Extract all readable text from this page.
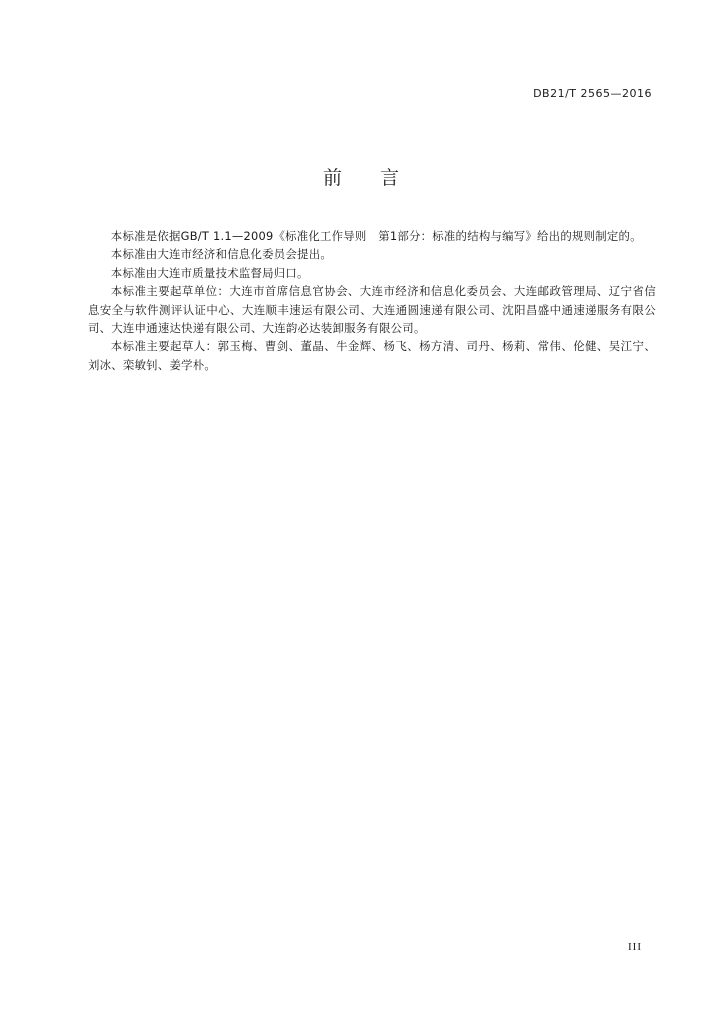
DB21/T 2565—2016
前 言

本标准是依据GB/T 1.1—2009《标准化工作导则　第1部分：标准的结构与编写》给出的规则制定的。

本标准由大连市经济和信息化委员会提出。

本标准由大连市质量技术监督局归口。

本标准主要起草单位：大连市首席信息官协会、大连市经济和信息化委员会、大连邮政管理局、辽宁省信息安全与软件测评认证中心、大连顺丰速运有限公司、大连通圆速递有限公司、沈阳昌盛中通速递服务有限公司、大连申通速达快递有限公司、大连韵必达装卸服务有限公司。

本标准主要起草人：郭玉梅、曹剑、董晶、牛金辉、杨飞、杨方清、司丹、杨莉、常伟、伦健、吴江宁、刘冰、栾敏钊、姜学朴。

III
